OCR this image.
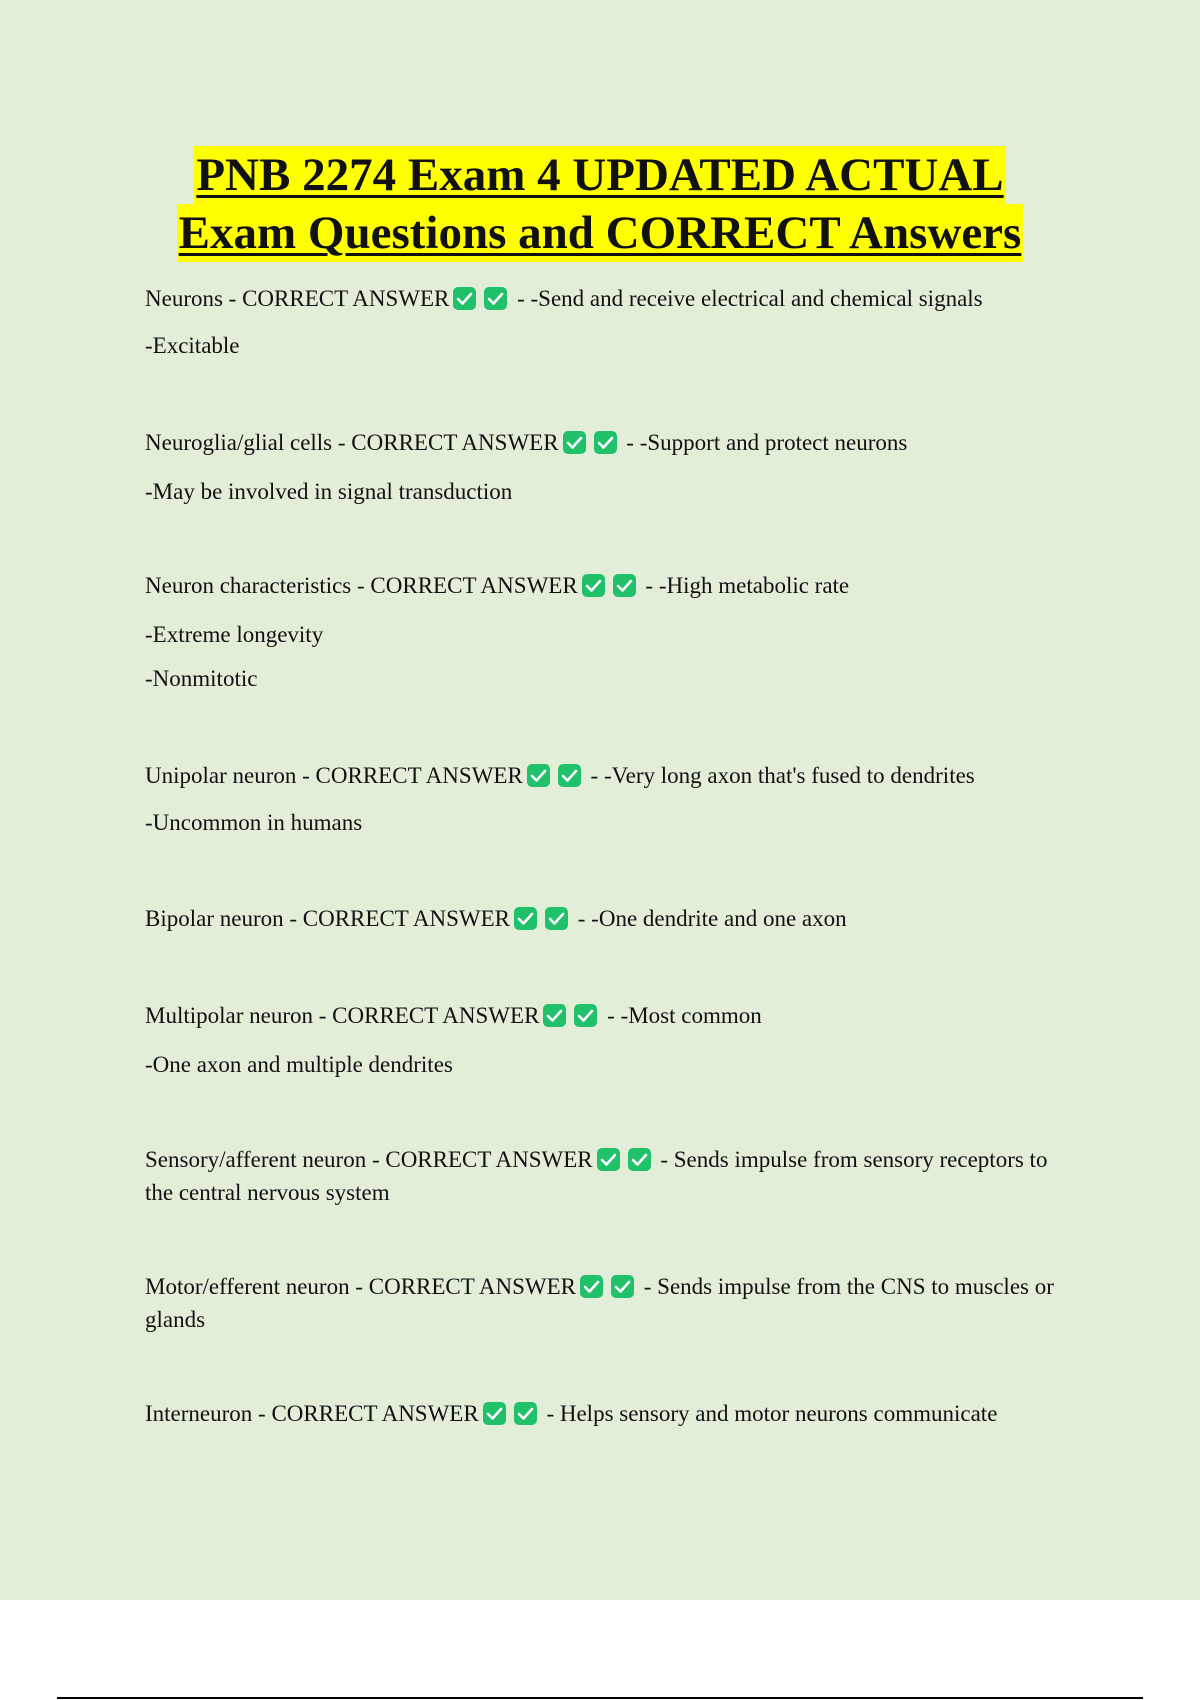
PNB 2274 Exam 4 UPDATED ACTUAL
Exam Questions and CORRECT Answers

Neurons - CORRECT ANSWER	- -Send and receive electrical and chemical signals

-Excitable

Neuroglia/glial cells - CORRECT ANSWER	- -Support and protect neurons

-May be involved in signal transduction

Neuron characteristics - CORRECT ANSWER	- -High metabolic rate

-Extreme longevity

-Nonmitotic

Unipolar neuron - CORRECT ANSWER	- -Very long axon that's fused to dendrites

-Uncommon in humans

Bipolar neuron - CORRECT ANSWER	- -One dendrite and one axon

Multipolar neuron - CORRECT ANSWER	- -Most common

-One axon and multiple dendrites

Sensory/afferent neuron - CORRECT ANSWER	- Sends impulse from sensory receptors to the central nervous system

Motor/efferent neuron - CORRECT ANSWER	- Sends impulse from the CNS to muscles or glands

Interneuron - CORRECT ANSWER	- Helps sensory and motor neurons communicate
